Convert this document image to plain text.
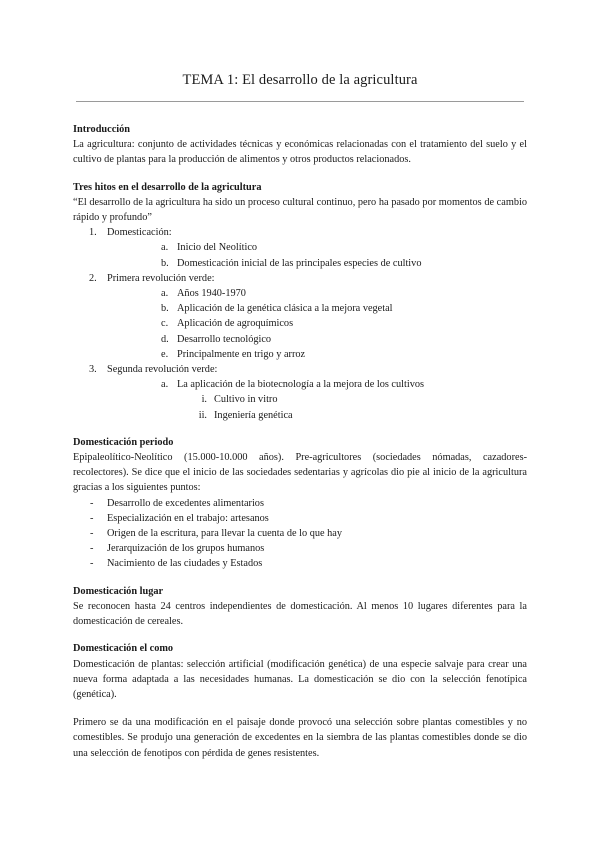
TEMA 1: El desarrollo de la agricultura
Introducción

La agricultura: conjunto de actividades técnicas y económicas relacionadas con el tratamiento del suelo y el cultivo de plantas para la producción de alimentos y otros productos relacionados.

Tres hitos en el desarrollo de la agricultura

“El desarrollo de la agricultura ha sido un proceso cultural continuo, pero ha pasado por momentos de cambio rápido y profundo”

1. Domesticación:
a. Inicio del Neolítico
b. Domesticación inicial de las principales especies de cultivo
2. Primera revolución verde:
a. Años 1940-1970
b. Aplicación de la genética clásica a la mejora vegetal
c. Aplicación de agroquímicos
d. Desarrollo tecnológico
e. Principalmente en trigo y arroz
3. Segunda revolución verde:
a. La aplicación de la biotecnología a la mejora de los cultivos
i. Cultivo in vitro
ii. Ingeniería genética
Domesticación periodo

Epipaleolítico-Neolítico (15.000-10.000 años). Pre-agricultores (sociedades nómadas, cazadores-recolectores). Se dice que el inicio de las sociedades sedentarias y agrícolas dio pie al inicio de la agricultura gracias a los siguientes puntos:

- Desarrollo de excedentes alimentarios
- Especialización en el trabajo: artesanos
- Origen de la escritura, para llevar la cuenta de lo que hay
- Jerarquización de los grupos humanos
- Nacimiento de las ciudades y Estados
Domesticación lugar

Se reconocen hasta 24 centros independientes de domesticación. Al menos 10 lugares diferentes para la domesticación de cereales.

Domesticación el como

Domesticación de plantas: selección artificial (modificación genética) de una especie salvaje para crear una nueva forma adaptada a las necesidades humanas. La domesticación se dio con la selección fenotípica (genética).

Primero se da una modificación en el paisaje donde provocó una selección sobre plantas comestibles y no comestibles. Se produjo una generación de excedentes en la siembra de las plantas comestibles donde se dio una selección de fenotipos con pérdida de genes resistentes.
